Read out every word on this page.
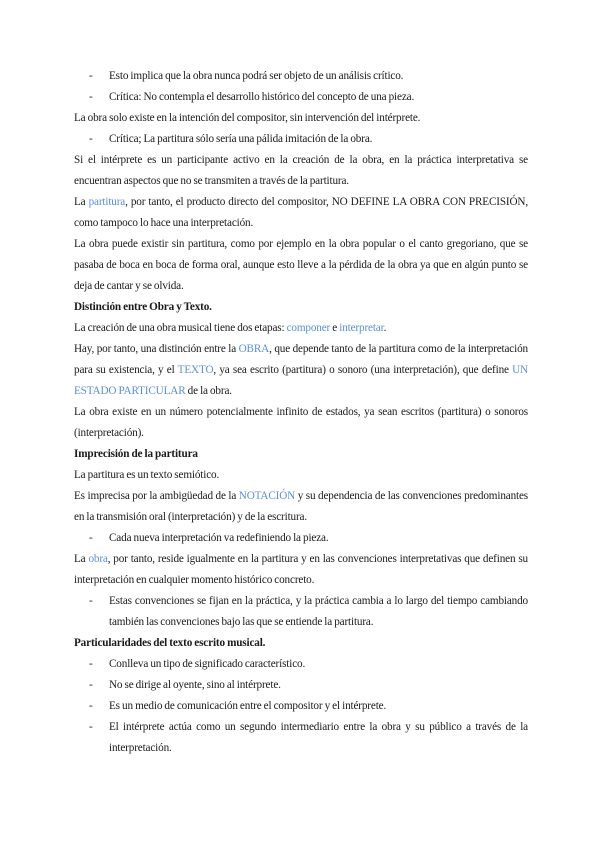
- Esto implica que la obra nunca podrá ser objeto de un análisis crítico.

- Crítica: No contempla el desarrollo histórico del concepto de una pieza.

La obra solo existe en la intención del compositor, sin intervención del intérprete.

- Crítica; La partitura sólo sería una pálida imitación de la obra.

Si el intérprete es un participante activo en la creación de la obra, en la práctica interpretativa se encuentran aspectos que no se transmiten a través de la partitura.

La partitura, por tanto, el producto directo del compositor, NO DEFINE LA OBRA CON PRECISIÓN, como tampoco lo hace una interpretación.

La obra puede existir sin partitura, como por ejemplo en la obra popular o el canto gregoriano, que se pasaba de boca en boca de forma oral, aunque esto lleve a la pérdida de la obra ya que en algún punto se deja de cantar y se olvida.

Distinción entre Obra y Texto.

La creación de una obra musical tiene dos etapas: componer e interpretar.

Hay, por tanto, una distinción entre la OBRA, que depende tanto de la partitura como de la interpretación para su existencia, y el TEXTO, ya sea escrito (partitura) o sonoro (una interpretación), que define UN ESTADO PARTICULAR de la obra.

La obra existe en un número potencialmente infinito de estados, ya sean escritos (partitura) o sonoros (interpretación).

Imprecisión de la partitura

La partitura es un texto semiótico.

Es imprecisa por la ambigüedad de la NOTACIÓN y su dependencia de las convenciones predominantes en la transmisión oral (interpretación) y de la escritura.

- Cada nueva interpretación va redefiniendo la pieza.

La obra, por tanto, reside igualmente en la partitura y en las convenciones interpretativas que definen su interpretación en cualquier momento histórico concreto.

- Estas convenciones se fijan en la práctica, y la práctica cambia a lo largo del tiempo cambiando también las convenciones bajo las que se entiende la partitura.

Particularidades del texto escrito musical.

- Conlleva un tipo de significado característico.

- No se dirige al oyente, sino al intérprete.

- Es un medio de comunicación entre el compositor y el intérprete.

- El intérprete actúa como un segundo intermediario entre la obra y su público a través de la interpretación.
